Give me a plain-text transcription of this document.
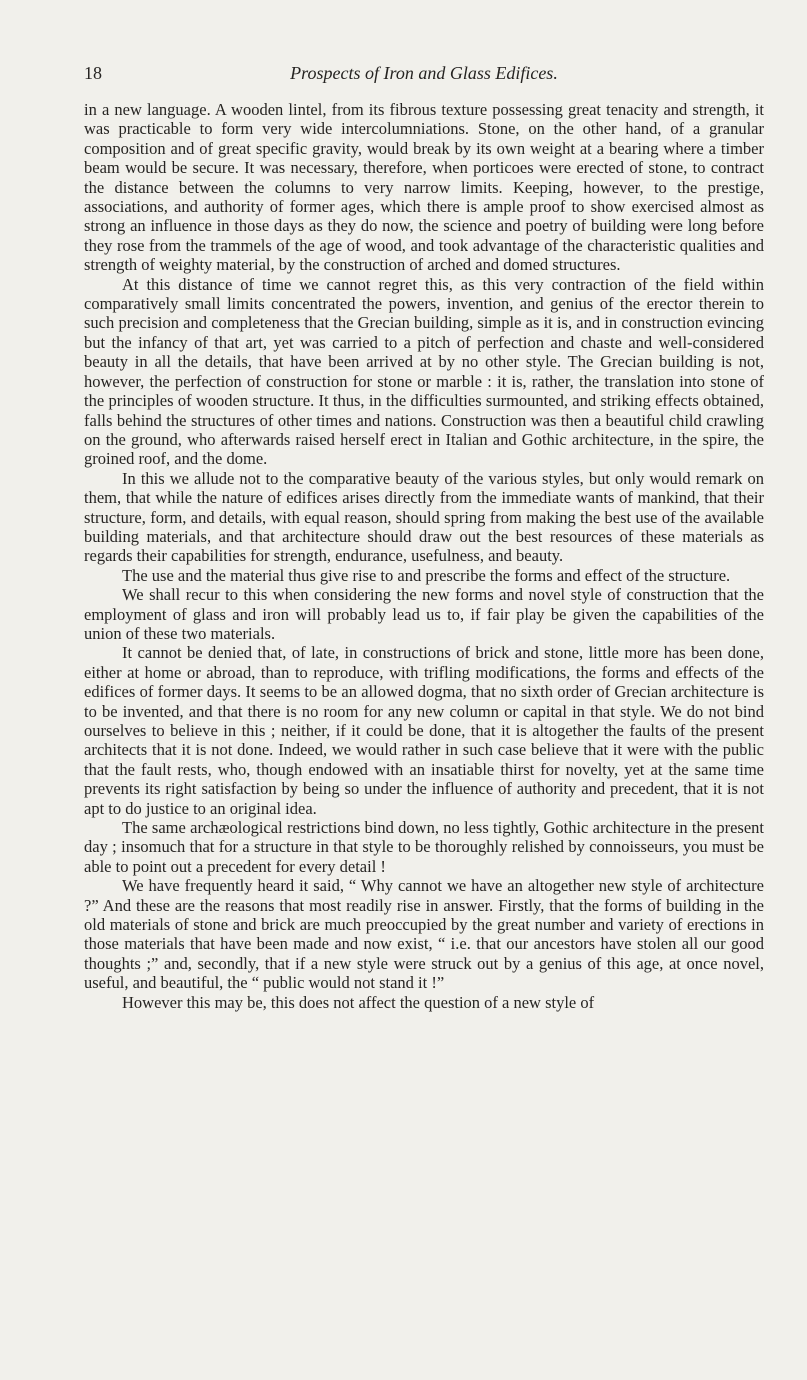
18	Prospects of Iron and Glass Edifices.

in a new language. A wooden lintel, from its fibrous texture possessing great tenacity and strength, it was practicable to form very wide intercolumniations. Stone, on the other hand, of a granular composition and of great specific gravity, would break by its own weight at a bearing where a timber beam would be secure. It was necessary, therefore, when porticoes were erected of stone, to contract the distance between the columns to very narrow limits. Keeping, however, to the prestige, associations, and authority of former ages, which there is ample proof to show exercised almost as strong an influence in those days as they do now, the science and poetry of building were long before they rose from the trammels of the age of wood, and took advantage of the characteristic qualities and strength of weighty material, by the construction of arched and domed structures.

At this distance of time we cannot regret this, as this very contraction of the field within comparatively small limits concentrated the powers, invention, and genius of the erector therein to such precision and completeness that the Grecian building, simple as it is, and in construction evincing but the infancy of that art, yet was carried to a pitch of perfection and chaste and well-considered beauty in all the details, that have been arrived at by no other style. The Grecian building is not, however, the perfection of construction for stone or marble : it is, rather, the translation into stone of the principles of wooden structure. It thus, in the difficulties surmounted, and striking effects obtained, falls behind the structures of other times and nations. Construction was then a beautiful child crawling on the ground, who afterwards raised herself erect in Italian and Gothic architecture, in the spire, the groined roof, and the dome.

In this we allude not to the comparative beauty of the various styles, but only would remark on them, that while the nature of edifices arises directly from the immediate wants of mankind, that their structure, form, and details, with equal reason, should spring from making the best use of the available building materials, and that architecture should draw out the best resources of these materials as regards their capabilities for strength, endurance, usefulness, and beauty.

The use and the material thus give rise to and prescribe the forms and effect of the structure.

We shall recur to this when considering the new forms and novel style of construction that the employment of glass and iron will probably lead us to, if fair play be given the capabilities of the union of these two materials.

It cannot be denied that, of late, in constructions of brick and stone, little more has been done, either at home or abroad, than to reproduce, with trifling modifications, the forms and effects of the edifices of former days. It seems to be an allowed dogma, that no sixth order of Grecian architecture is to be invented, and that there is no room for any new column or capital in that style. We do not bind ourselves to believe in this ; neither, if it could be done, that it is altogether the faults of the present architects that it is not done. Indeed, we would rather in such case believe that it were with the public that the fault rests, who, though endowed with an insatiable thirst for novelty, yet at the same time prevents its right satisfaction by being so under the influence of authority and precedent, that it is not apt to do justice to an original idea.

The same archæological restrictions bind down, no less tightly, Gothic architecture in the present day ; insomuch that for a structure in that style to be thoroughly relished by connoisseurs, you must be able to point out a precedent for every detail !

We have frequently heard it said, “ Why cannot we have an altogether new style of architecture ?” And these are the reasons that most readily rise in answer. Firstly, that the forms of building in the old materials of stone and brick are much preoccupied by the great number and variety of erections in those materials that have been made and now exist, “ i.e. that our ancestors have stolen all our good thoughts ;” and, secondly, that if a new style were struck out by a genius of this age, at once novel, useful, and beautiful, the “ public would not stand it !”

However this may be, this does not affect the question of a new style of
